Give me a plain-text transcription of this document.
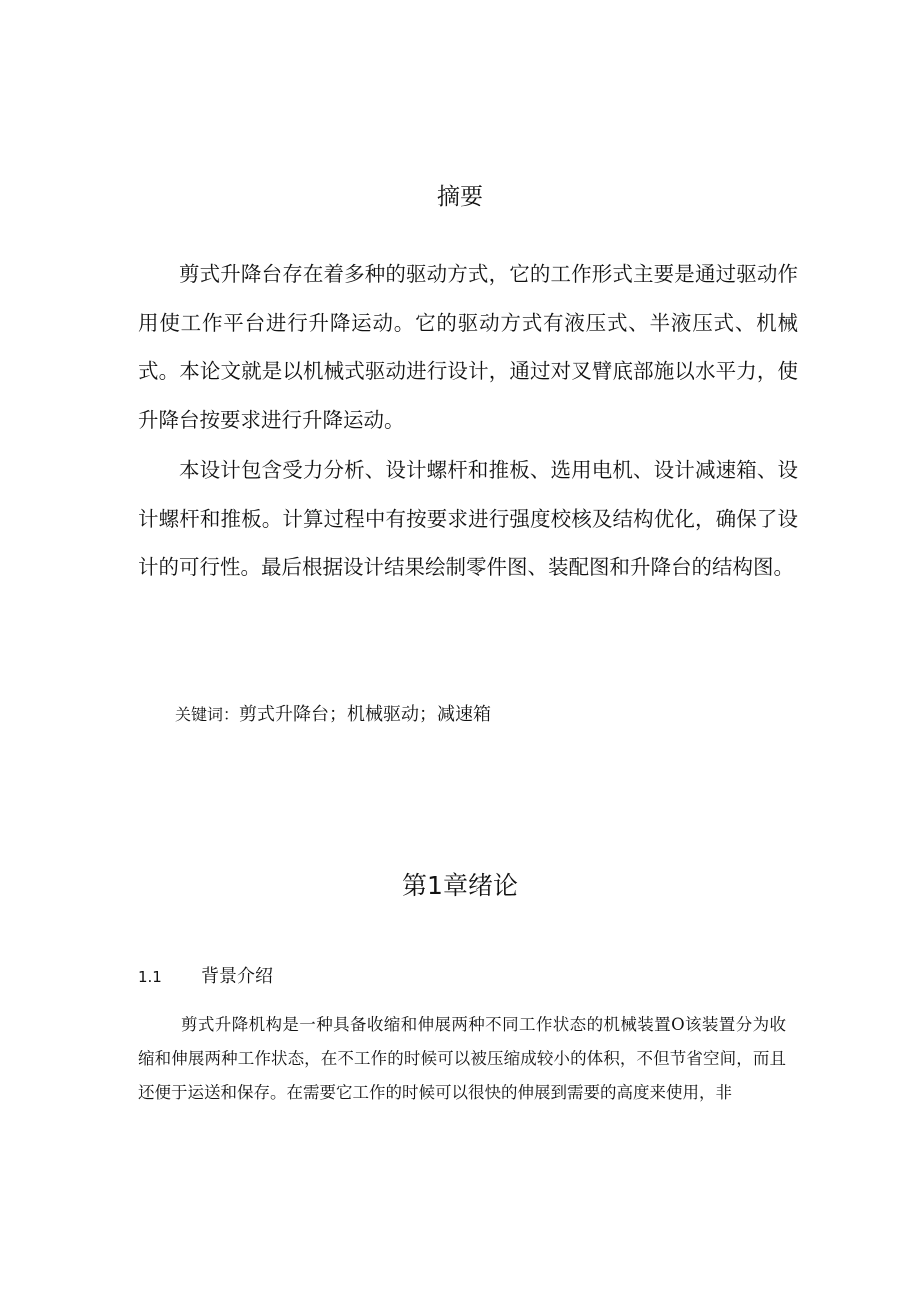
摘要

剪式升降台存在着多种的驱动方式，它的工作形式主要是通过驱动作用使工作平台进行升降运动。它的驱动方式有液压式、半液压式、机械式。本论文就是以机械式驱动进行设计，通过对叉臂底部施以水平力，使升降台按要求进行升降运动。

本设计包含受力分析、设计螺杆和推板、选用电机、设计减速箱、设计螺杆和推板。计算过程中有按要求进行强度校核及结构优化，确保了设计的可行性。最后根据设计结果绘制零件图、装配图和升降台的结构图。

关键词：剪式升降台；机械驱动；减速箱
第1章绪论
1.1 背景介绍

剪式升降机构是一种具备收缩和伸展两种不同工作状态的机械装置O该装置分为收缩和伸展两种工作状态，在不工作的时候可以被压缩成较小的体积，不但节省空间，而且还便于运送和保存。在需要它工作的时候可以很快的伸展到需要的高度来使用，非
